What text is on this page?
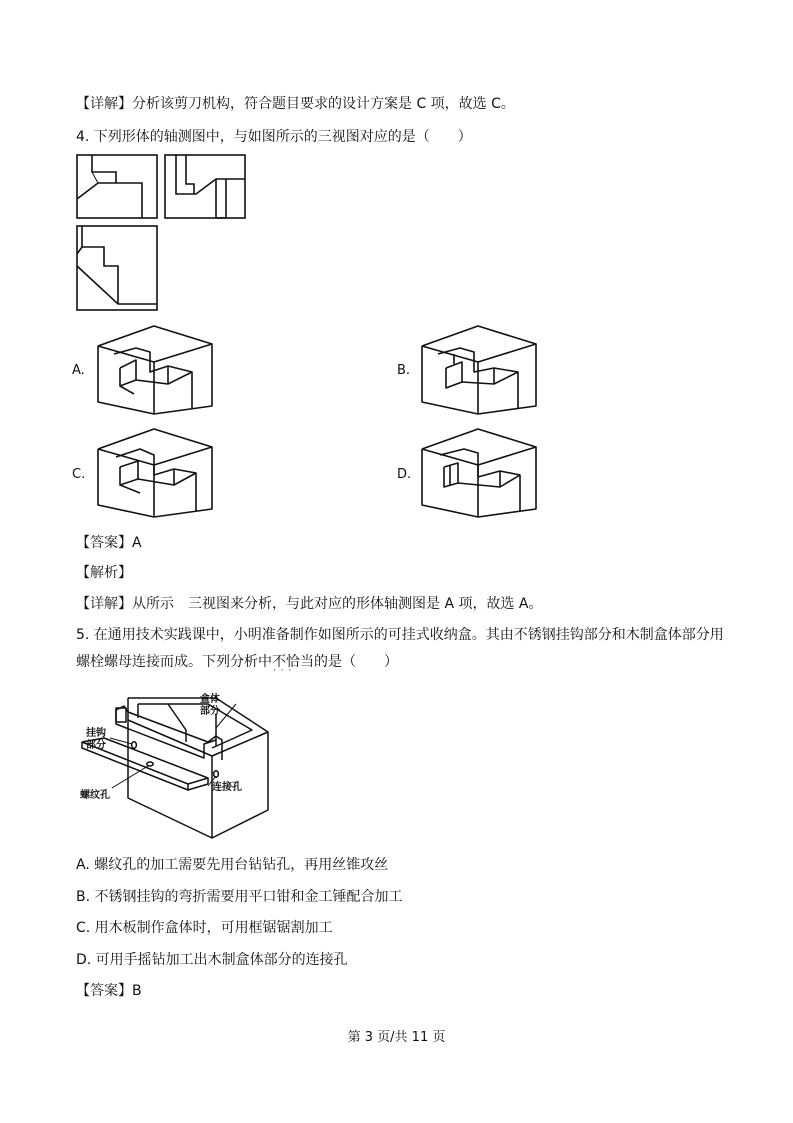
【详解】分析该剪刀机构，符合题目要求的设计方案是 C 项，故选 C。
4. 下列形体的轴测图中，与如图所示的三视图对应的是（　　）
A.	B.
C.	D.
【答案】A
【解析】
【详解】从所示　三视图来分析，与此对应的形体轴测图是 A 项，故选 A。
5. 在通用技术实践课中，小明准备制作如图所示的可挂式收纳盒。其由不锈钢挂钩部分和木制盒体部分用
螺栓螺母连接而成。下列分析中不恰当 · · ·的是（　　）
盒体
部分
挂钩
部分
螺纹孔
连接孔
A. 螺纹孔的加工需要先用台钻钻孔，再用丝锥攻丝
B. 不锈钢挂钩的弯折需要用平口钳和金工锤配合加工
C. 用木板制作盒体时，可用框锯锯割加工
D. 可用手摇钻加工出木制盒体部分的连接孔
【答案】B
第 3 页/共 11 页
